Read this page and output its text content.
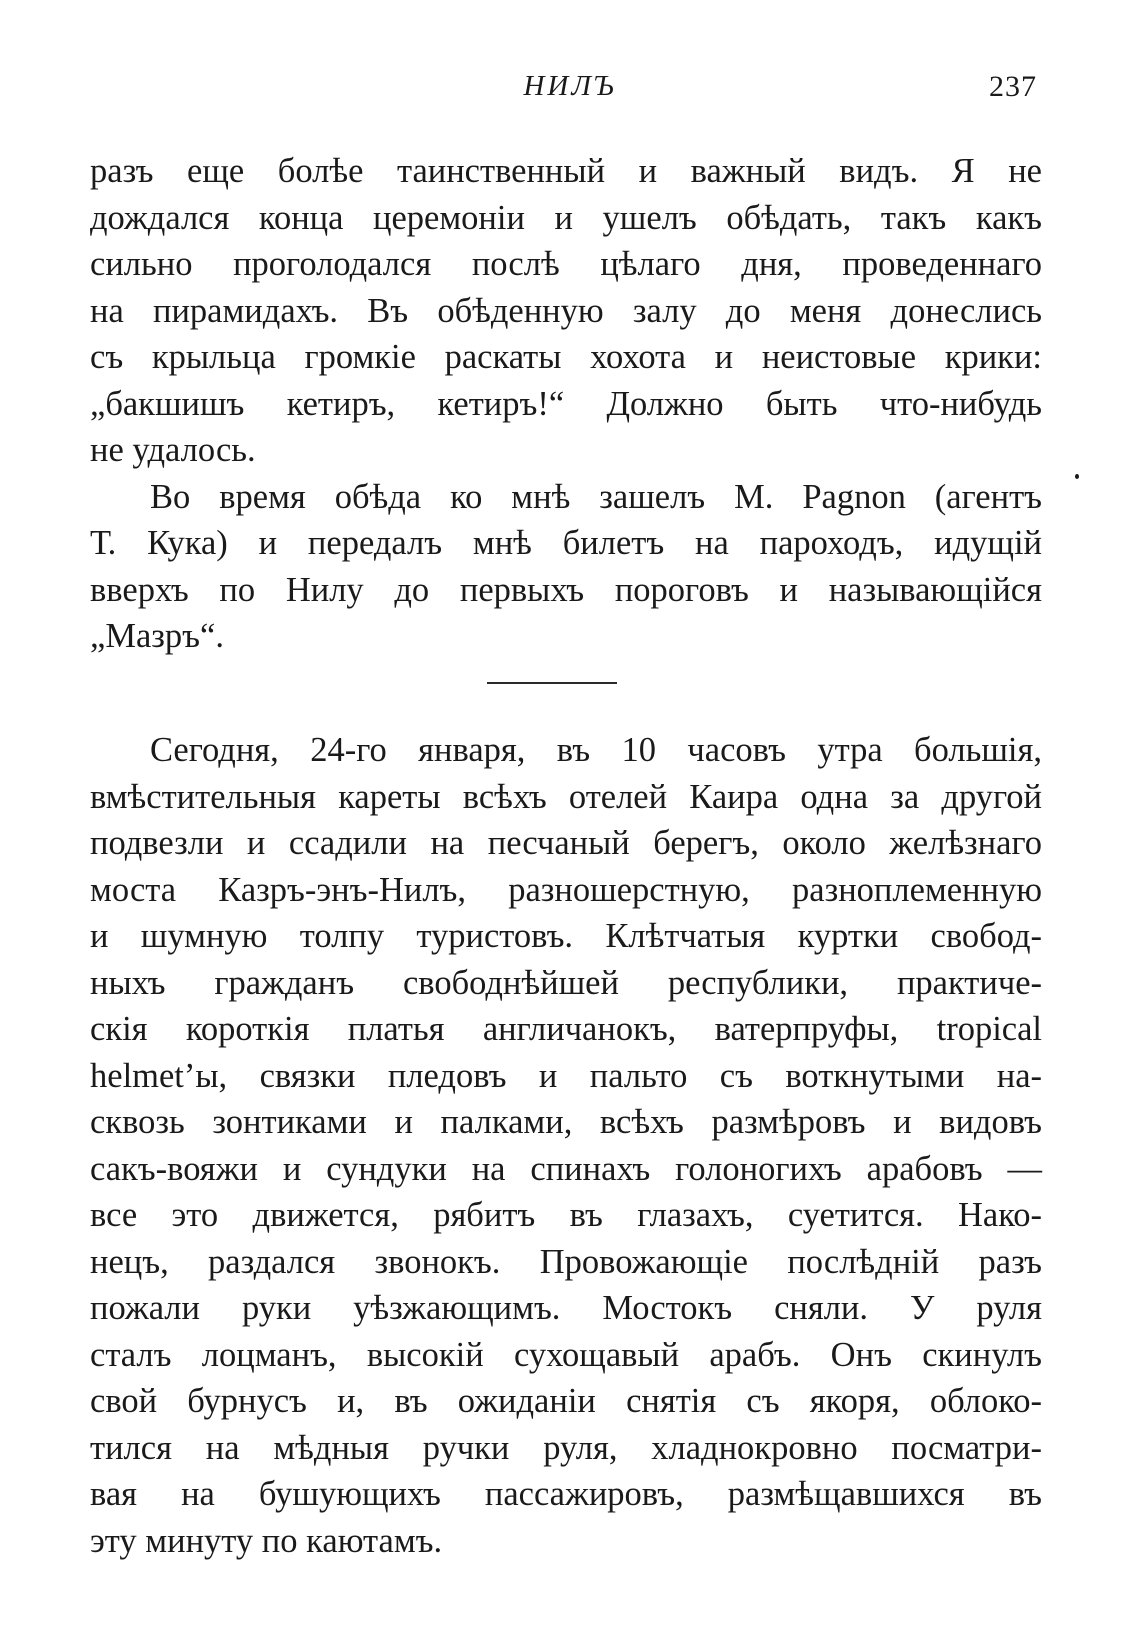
НИЛЪ	237
разъ еще болѣе таинственный и важный видъ. Я не
дождался конца церемоніи и ушелъ обѣдать, такъ какъ
сильно проголодался послѣ цѣлаго дня, проведеннаго
на пирамидахъ. Въ обѣденную залу до меня донеслись
съ крыльца громкіе раскаты хохота и неистовые крики:
„бакшишъ кетиръ, кетиръ!“ Должно быть что-нибудь
не удалось.
Во время обѣда ко мнѣ зашелъ М. Pagnon (агентъ
Т. Кука) и передалъ мнѣ билетъ на пароходъ, идущій
вверхъ по Нилу до первыхъ пороговъ и называющійся
„Мазръ“.
Сегодня, 24-го января, въ 10 часовъ утра большія,
вмѣстительныя кареты всѣхъ отелей Каира одна за другой
подвезли и ссадили на песчаный берегъ, около желѣзнаго
моста Казръ-энъ-Нилъ, разношерстную, разноплеменную
и шумную толпу туристовъ. Клѣтчатыя куртки свобод-
ныхъ гражданъ свободнѣйшей республики, практиче-
скія короткія платья англичанокъ, ватерпруфы, tropical
helmet’ы, связки пледовъ и пальто съ воткнутыми на-
сквозь зонтиками и палками, всѣхъ размѣровъ и видовъ
сакъ-вояжи и сундуки на спинахъ голоногихъ арабовъ —
все это движется, рябитъ въ глазахъ, суетится. Нако-
нецъ, раздался звонокъ. Провожающіе послѣдній разъ
пожали руки уѣзжающимъ. Мостокъ сняли. У руля
сталъ лоцманъ, высокій сухощавый арабъ. Онъ скинулъ
свой бурнусъ и, въ ожиданіи снятія съ якоря, облоко-
тился на мѣдныя ручки руля, хладнокровно посматри-
вая на бушующихъ пассажировъ, размѣщавшихся въ
эту минуту по каютамъ.
